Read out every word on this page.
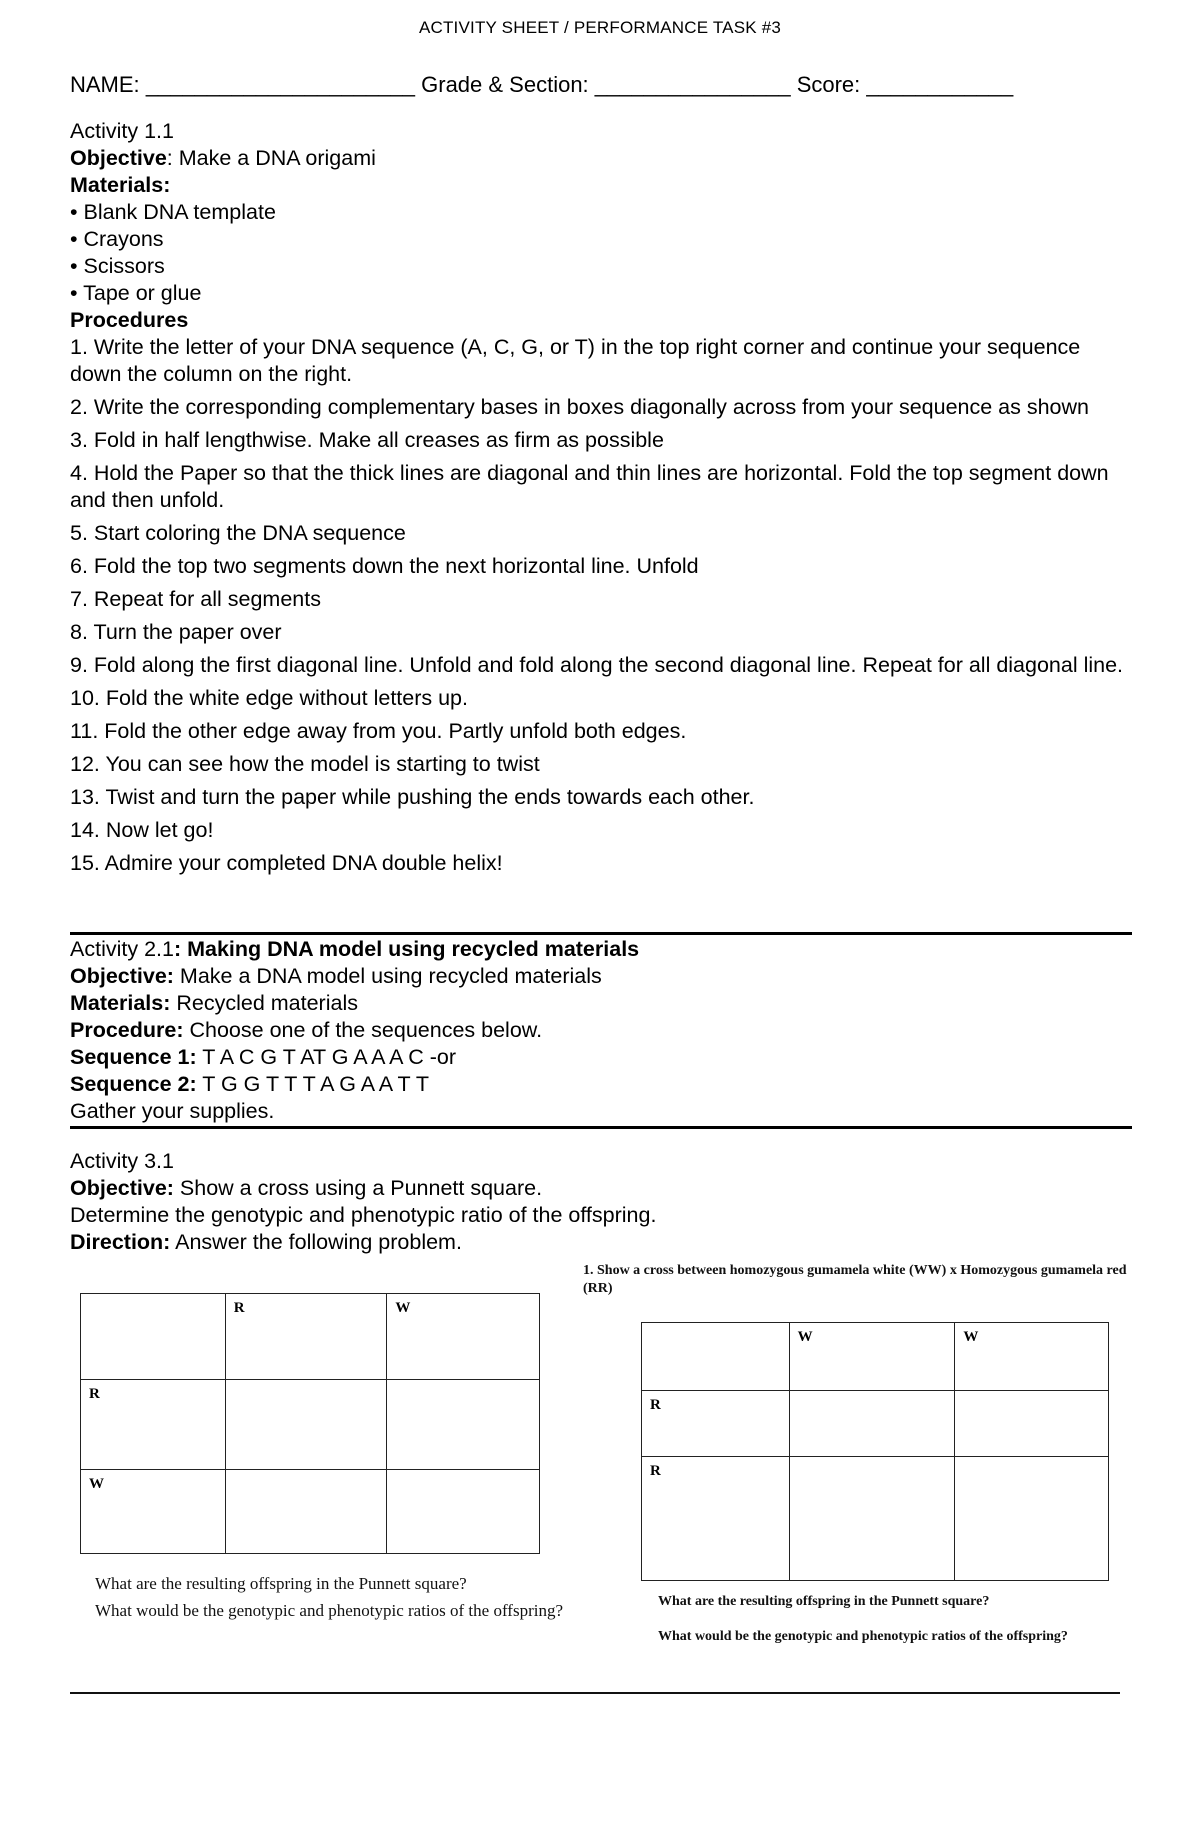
ACTIVITY SHEET / PERFORMANCE TASK #3
NAME: ______________________ Grade & Section: ________________ Score: ____________

Activity 1.1

Objective: Make a DNA origami

Materials:

• Blank DNA template

• Crayons

• Scissors

• Tape or glue

Procedures

1. Write the letter of your DNA sequence (A, C, G, or T) in the top right corner and continue your sequence down the column on the right.

2. Write the corresponding complementary bases in boxes diagonally across from your sequence as shown

3. Fold in half lengthwise. Make all creases as firm as possible

4. Hold the Paper so that the thick lines are diagonal and thin lines are horizontal. Fold the top segment down and then unfold.

5. Start coloring the DNA sequence

6. Fold the top two segments down the next horizontal line. Unfold

7. Repeat for all segments

8. Turn the paper over

9. Fold along the first diagonal line. Unfold and fold along the second diagonal line. Repeat for all diagonal line.

10. Fold the white edge without letters up.

11. Fold the other edge away from you. Partly unfold both edges.

12. You can see how the model is starting to twist

13. Twist and turn the paper while pushing the ends towards each other.

14. Now let go!

15. Admire your completed DNA double helix!

Activity 2.1: Making DNA model using recycled materials

Objective: Make a DNA model using recycled materials

Materials: Recycled materials

Procedure: Choose one of the sequences below.

Sequence 1: T A C G T AT G A A A C -or

Sequence 2: T G G T T T A G A A T T

Gather your supplies.

Activity 3.1

Objective: Show a cross using a Punnett square.

Determine the genotypic and phenotypic ratio of the offspring.

Direction: Answer the following problem.

	R	W
R		
W		
What are the resulting offspring in the Punnett square?
What would be the genotypic and phenotypic ratios of the offspring?
1. Show a cross between homozygous gumamela white (WW) x Homozygous gumamela red (RR)
	W	W
R		
R		
What are the resulting offspring in the Punnett square?
What would be the genotypic and phenotypic ratios of the offspring?
